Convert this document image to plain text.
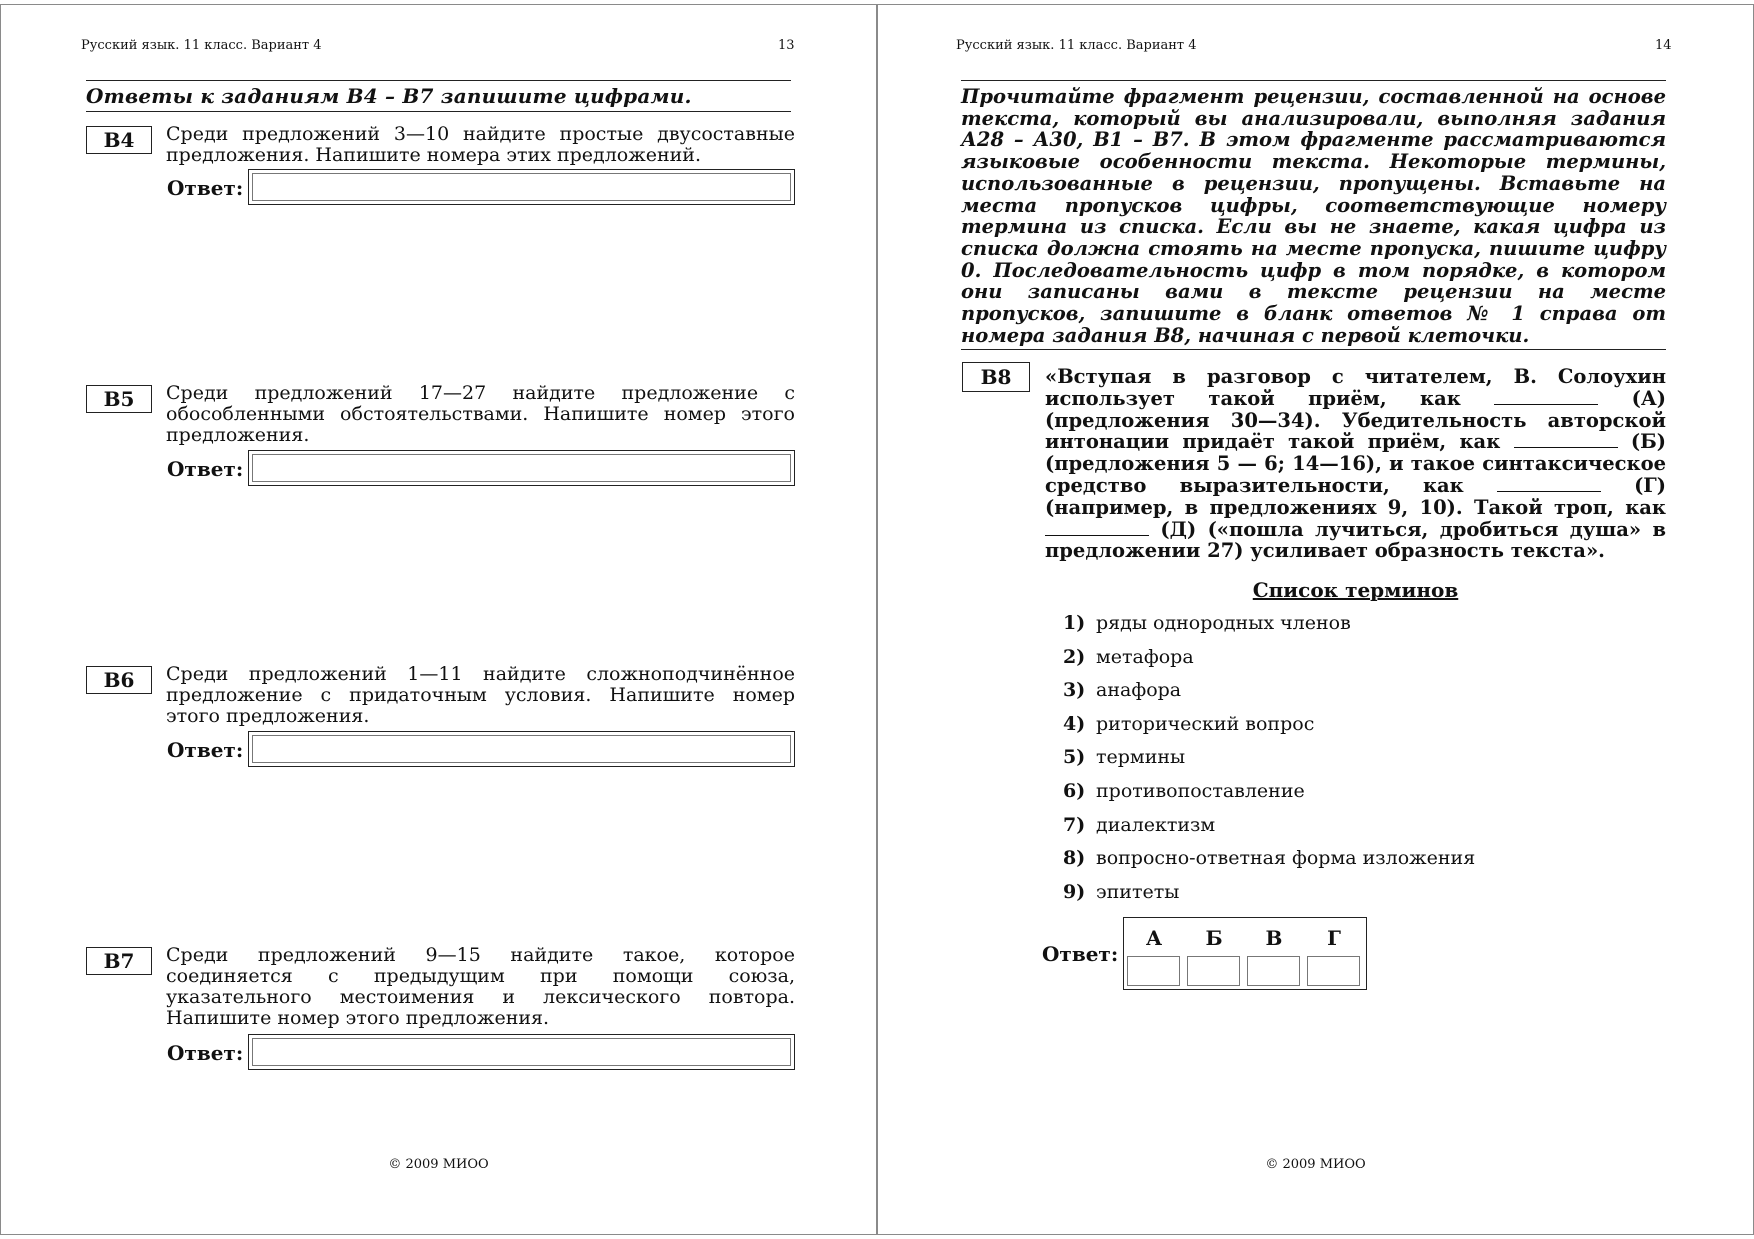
Русский язык. 11 класс. Вариант 4	13
Ответы к заданиям В4 – В7 запишите цифрами.
B4	Среди предложений 3—10 найдите простые двусоставные предложения. Напишите номера этих предложений.
Ответ:
B5	Среди предложений 17—27 найдите предложение с обособленными обстоятельствами. Напишите номер этого предложения.
Ответ:
B6	Среди предложений 1—11 найдите сложноподчинённое предложение с придаточным условия. Напишите номер этого предложения.
Ответ:
B7	Среди предложений 9—15 найдите такое, которое соединяется с предыдущим при помощи союза, указательного местоимения и лексического повтора. Напишите номер этого предложения.
Ответ:
© 2009 МИОО
Русский язык. 11 класс. Вариант 4	14
Прочитайте фрагмент рецензии, составленной на основе текста, который вы анализировали, выполняя задания А28 – А30, В1 – В7. В этом фрагменте рассматриваются языковые особенности текста. Некоторые термины, использованные в рецензии, пропущены. Вставьте на места пропусков цифры, соответствующие номеру термина из списка. Если вы не знаете, какая цифра из списка должна стоять на месте пропуска, пишите цифру 0. Последовательность цифр в том порядке, в котором они записаны вами в тексте рецензии на месте пропусков, запишите в бланк ответов № 1 справа от номера задания В8, начиная с первой клеточки.
B8	«Вступая в разговор с читателем, В. Солоухин использует такой приём, как	(А) (предложения 30—34). Убедительность авторской интонации придаёт такой приём, как	(Б) (предложения 5 — 6; 14—16), и такое синтаксическое средство выразительности, как	(Г) (например, в предложениях 9, 10). Такой троп, как  (Д) («пошла лучиться, дробиться душа» в предложении 27) усиливает образность текста».
Список терминов
1) ряды однородных членов
2) метафора
3) анафора
4) риторический вопрос
5) термины
6) противопоставление
7) диалектизм
8) вопросно-ответная форма изложения
9) эпитеты
Ответ:
А	Б	В	Г
© 2009 МИОО
